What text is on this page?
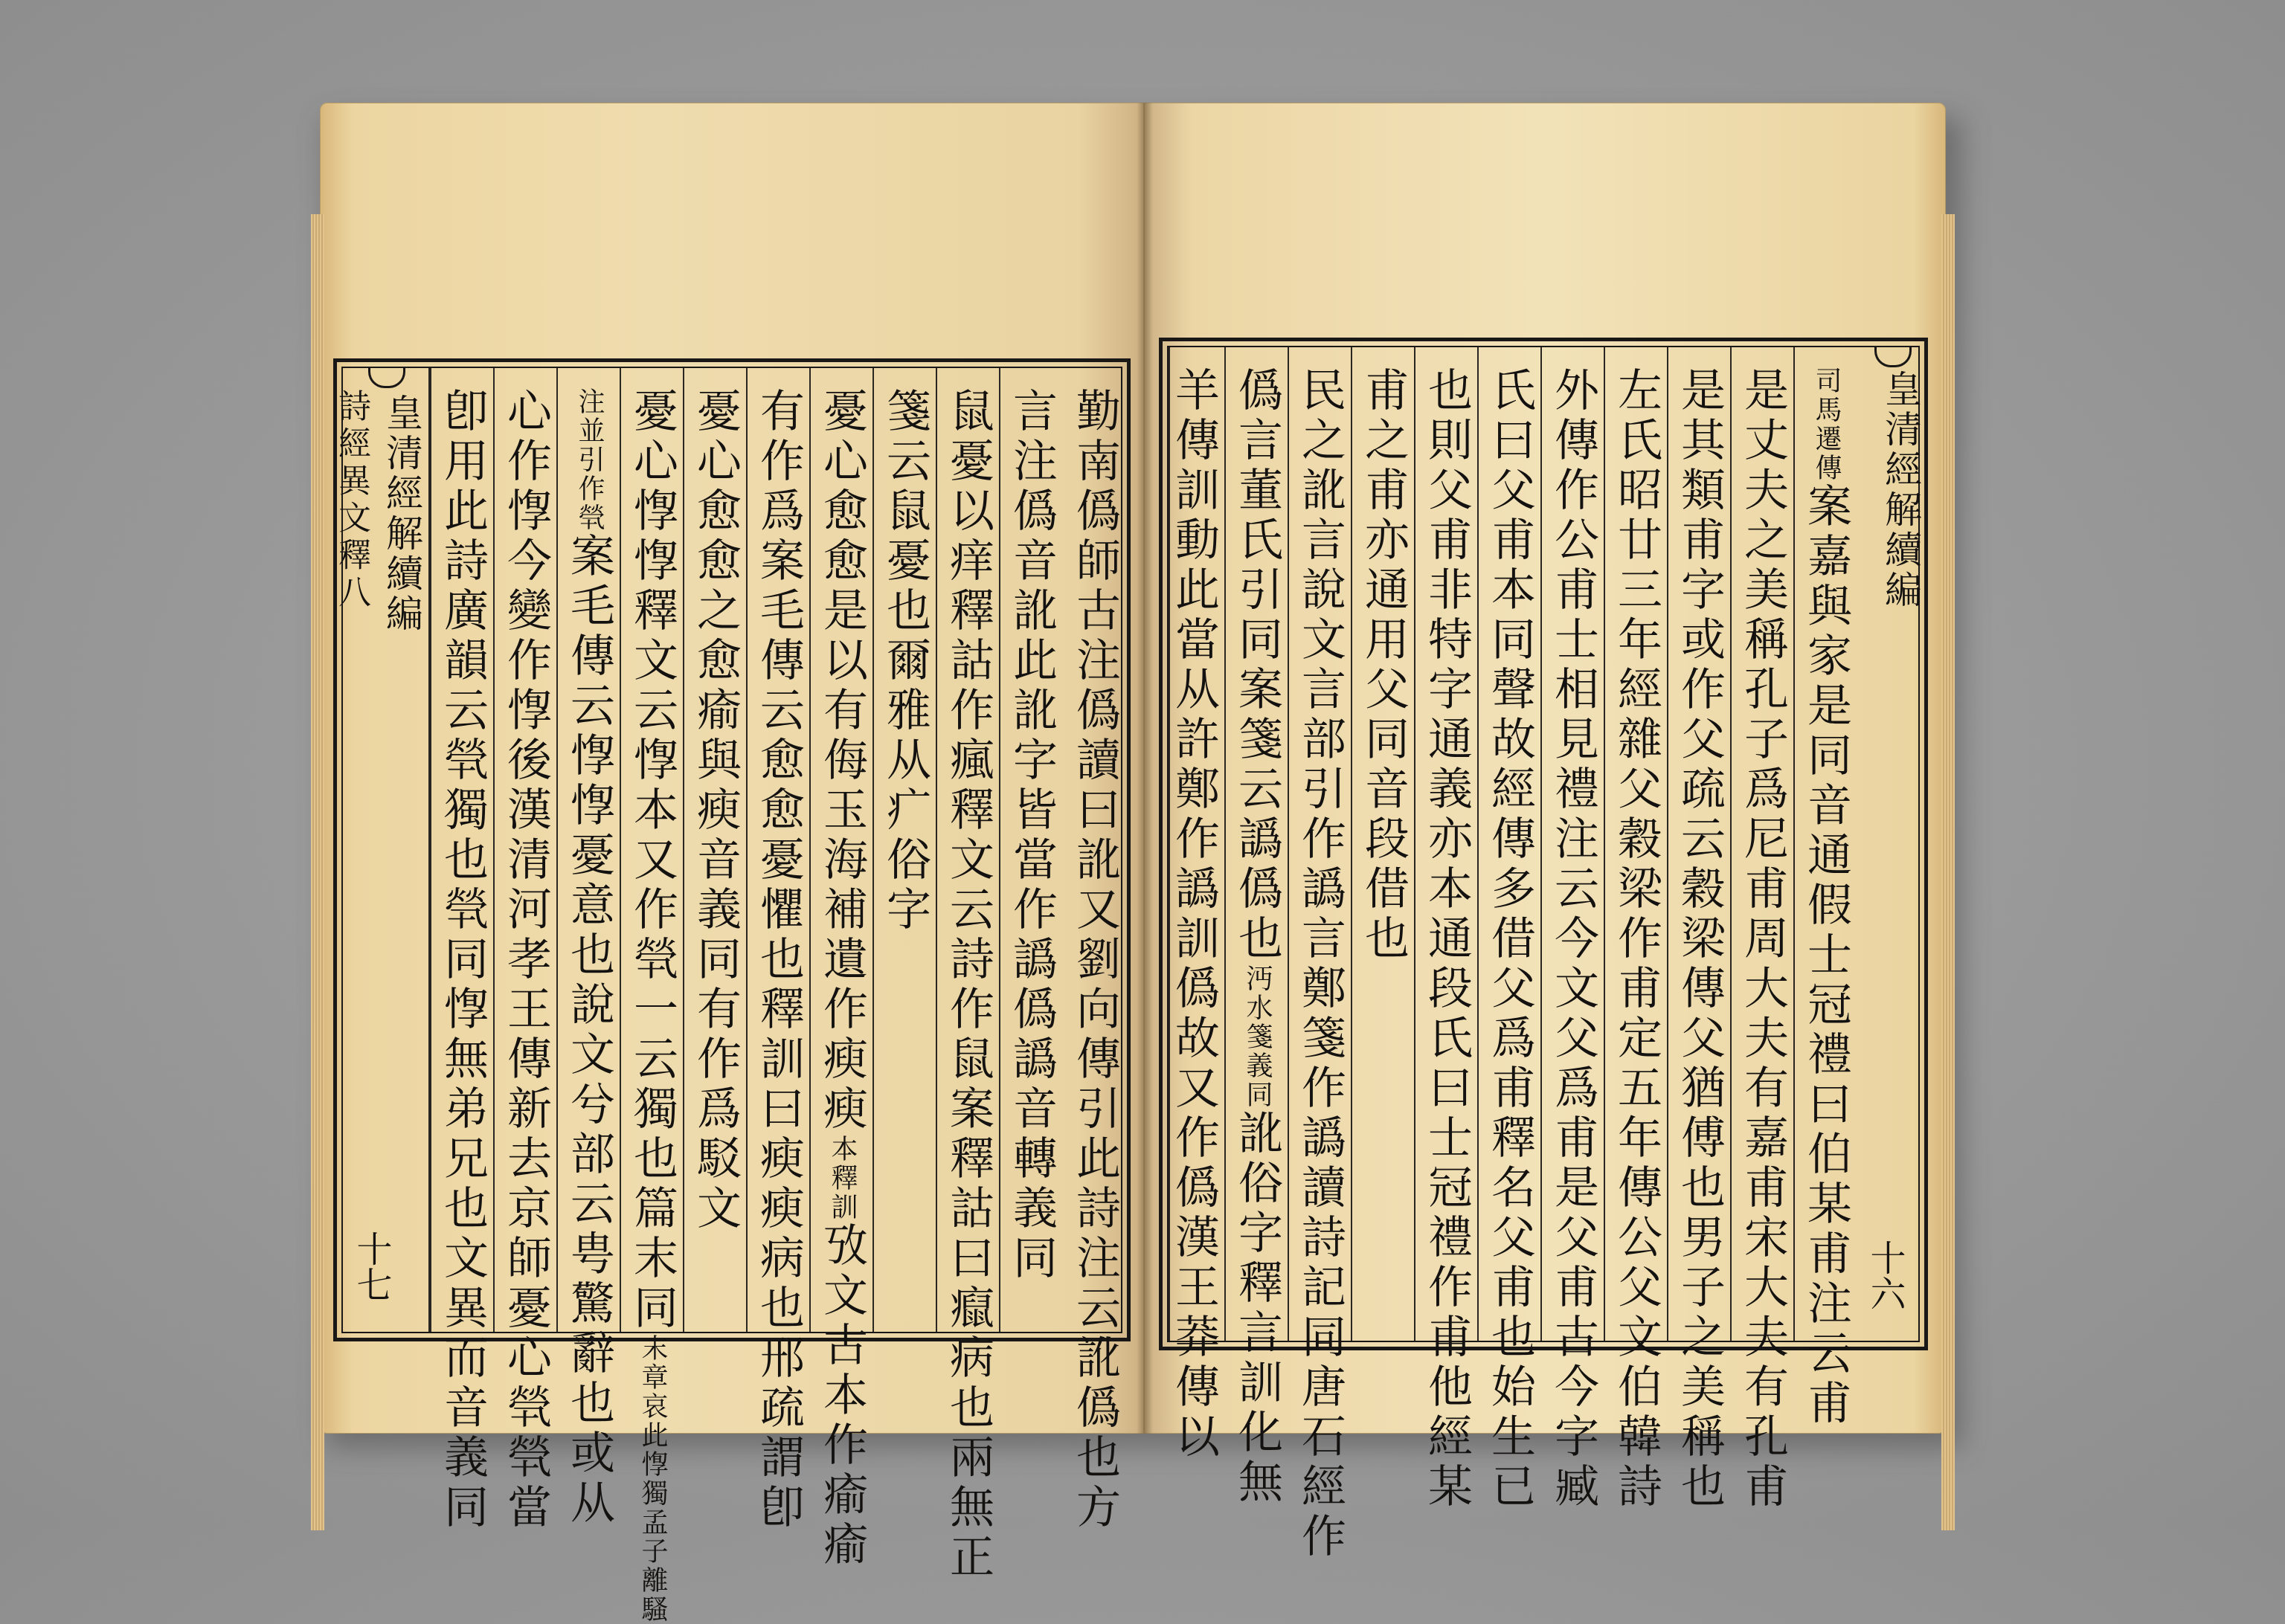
勤南僞師古注僞讀曰訛又劉向傳引此詩注云訛僞也方
言注僞音訛此訛字皆當作譌僞譌音轉義同
鼠憂以痒釋詁作瘋釋文云詩作鼠案釋詁曰癙病也兩無正
箋云鼠憂也爾雅从疒俗字
憂心愈愈是以有侮玉海補遺作瘐瘐本釋訓攷文古本作瘉瘉
有作爲案毛傳云愈愈憂懼也釋訓曰瘐瘐病也邢疏謂卽
憂心愈愈之愈瘉與瘐音義同有作爲駁文
憂心惸惸釋文云惸本又作煢一云獨也篇末同末章哀此惸獨孟子離騷
注並引作煢案毛傳云惸惸憂意也說文兮部云甹驚辭也或从
心作惸今變作惸後漢清河孝王傳新去京師憂心煢煢當
卽用此詩廣韻云煢獨也煢同惸無弟兄也文異而音義同
皇清經解續編
詩經異文釋八
十七
皇清經解續編
十六
司馬遷傳案嘉與家是同音通假士冠禮曰伯某甫注云甫
是丈夫之美稱孔子爲尼甫周大夫有嘉甫宋大夫有孔甫
是其類甫字或作父疏云穀梁傳父猶傅也男子之美稱也
左氏昭廿三年經雜父穀梁作甫定五年傳公父文伯韓詩
外傳作公甫士相見禮注云今文父爲甫是父甫古今字臧
氏曰父甫本同聲故經傳多借父爲甫釋名父甫也始生已
也則父甫非特字通義亦本通段氏曰士冠禮作甫他經某
甫之甫亦通用父同音段借也
民之訛言說文言部引作譌言鄭箋作譌讀詩記同唐石經作
僞言董氏引同案箋云譌僞也沔水箋義同訛俗字釋言訓化無
羊傳訓動此當从許鄭作譌訓僞故又作僞漢王莽傳以
